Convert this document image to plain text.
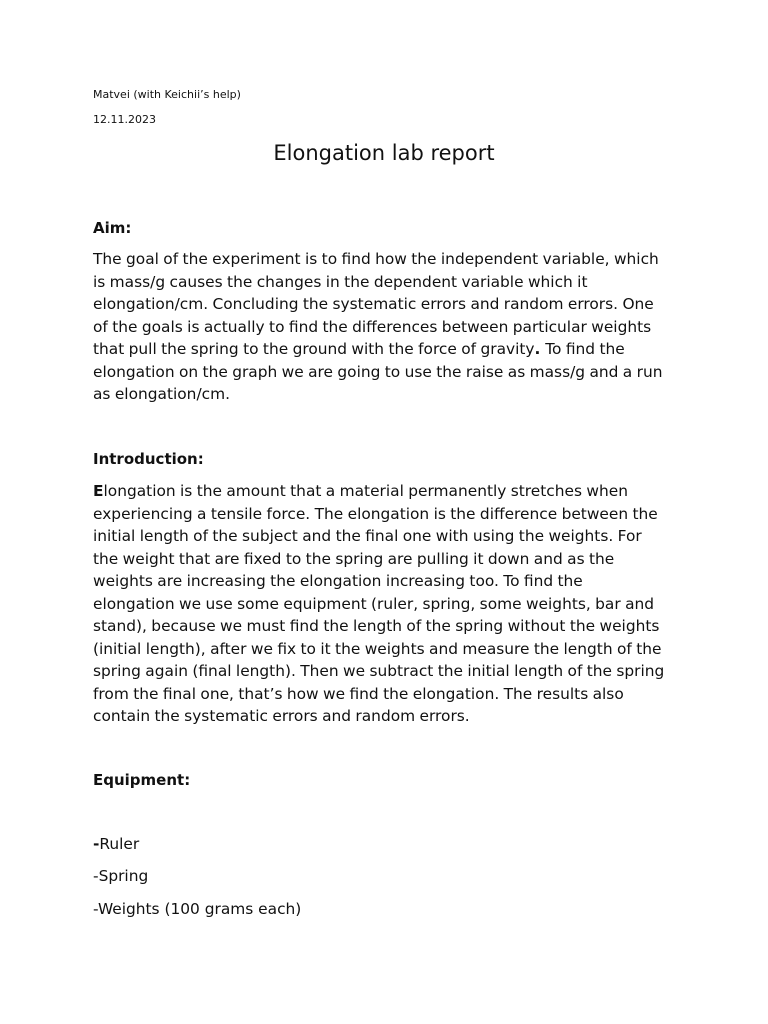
Matvei (with Keichii’s help)
12.11.2023
Elongation lab report
Aim:

The goal of the experiment is to find how the independent variable, which
is mass/g causes the changes in the dependent variable which it
elongation/cm. Concluding the systematic errors and random errors. One
of the goals is actually to find the differences between particular weights
that pull the spring to the ground with the force of gravity. To find the
elongation on the graph we are going to use the raise as mass/g and a run
as elongation/cm.

Introduction:

Elongation is the amount that a material permanently stretches when
experiencing a tensile force. The elongation is the difference between the
initial length of the subject and the final one with using the weights. For
the weight that are fixed to the spring are pulling it down and as the
weights are increasing the elongation increasing too. To find the
elongation we use some equipment (ruler, spring, some weights, bar and
stand), because we must find the length of the spring without the weights
(initial length), after we fix to it the weights and measure the length of the
spring again (final length). Then we subtract the initial length of the spring
from the final one, that’s how we find the elongation. The results also
contain the systematic errors and random errors.

Equipment:
-Ruler
-Spring
-Weights (100 grams each)
